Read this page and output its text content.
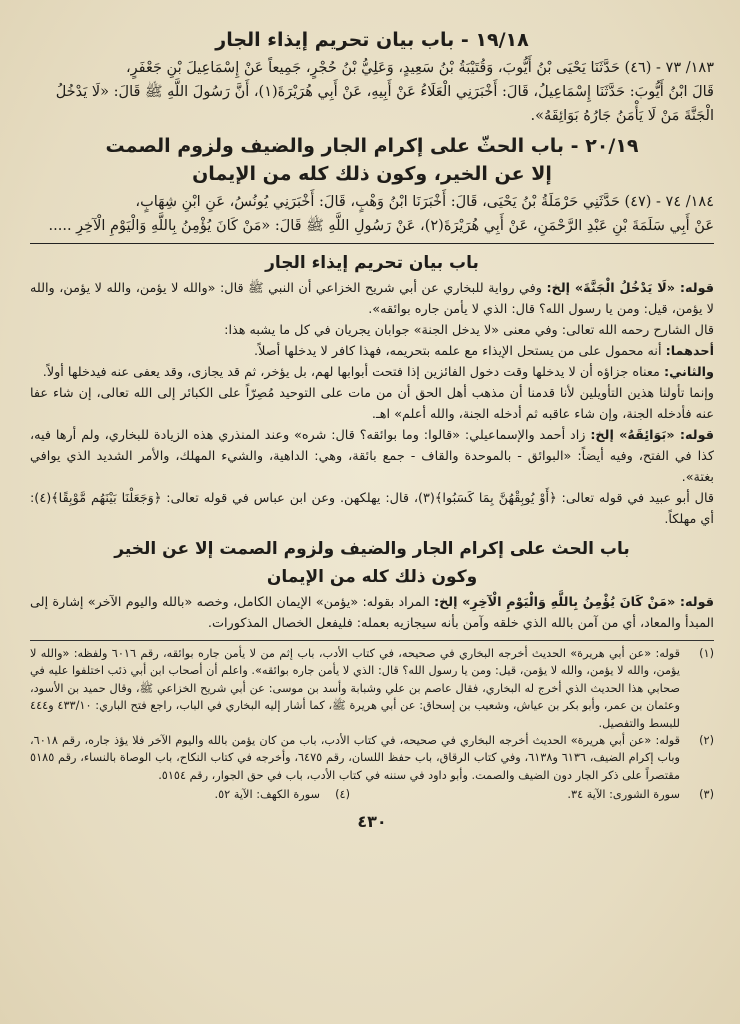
١٩/١٨ - باب بيان تحريم إيذاء الجار

١٨٣/ ٧٣ - (٤٦) حَدَّثَنَا يَحْيَى بْنُ أَيُّوبَ، وَقُتَيْبَةُ بْنُ سَعِيدٍ، وَعَلِيُّ بْنُ حُجْرٍ، جَمِيعاً عَنْ إِسْمَاعِيلَ بْنِ جَعْفَرٍ،

قَالَ ابْنُ أَيُّوبَ: حَدَّثَنَا إِسْمَاعِيلُ، قَالَ: أَخْبَرَنِي الْعَلَاءُ عَنْ أَبِيهِ، عَنْ أَبِي هُرَيْرَةَ(١)، أَنَّ رَسُولَ اللَّهِ ﷺ قَالَ: «لَا يَدْخُلُ

الْجَنَّةَ مَنْ لَا يَأْمَنُ جَارُهُ بَوَائِقَهُ».

٢٠/١٩ - باب الحثّ على إكرام الجار والضيف ولزوم الصمت

إلا عن الخير، وكون ذلك كله من الإيمان

١٨٤/ ٧٤ - (٤٧) حَدَّثَنِي حَرْمَلَةُ بْنُ يَحْيَى، قَالَ: أَخْبَرَنَا ابْنُ وَهْبٍ، قَالَ: أَخْبَرَنِي يُونُسُ، عَنِ ابْنِ شِهَابٍ،

عَنْ أَبِي سَلَمَةَ بْنِ عَبْدِ الرَّحْمَنِ، عَنْ أَبِي هُرَيْرَةَ(٢)، عَنْ رَسُولِ اللَّهِ ﷺ قَالَ: «مَنْ كَانَ يُؤْمِنُ بِاللَّهِ وَالْيَوْمِ الْآخِرِ .....

باب بيان تحريم إيذاء الجار

قوله: «لَا يَدْخُلُ الْجَنَّةَ» إلخ: وفي رواية للبخاري عن أبي شريح الخزاعي أن النبي ﷺ قال: «والله لا يؤمن، والله لا يؤمن، والله لا يؤمن، قيل: ومن يا رسول الله؟ قال: الذي لا يأمن جاره بوائقه».

قال الشارح رحمه الله تعالى: وفي معنى «لا يدخل الجنة» جوابان يجريان في كل ما يشبه هذا:

أحدهما: أنه محمول على من يستحل الإيذاء مع علمه بتحريمه، فهذا كافر لا يدخلها أصلاً.

والثاني: معناه جزاؤه أن لا يدخلها وقت دخول الفائزين إذا فتحت أبوابها لهم، بل يؤخر، ثم قد يجازى، وقد يعفى عنه فيدخلها أولاً.

وإنما تأولنا هذين التأويلين لأنا قدمنا أن مذهب أهل الحق أن من مات على التوحيد مُصِرّاً على الكبائر إلى الله تعالى، إن شاء عفا عنه فأدخله الجنة، وإن شاء عاقبه ثم أدخله الجنة، والله أعلم» اهـ.

قوله: «بَوَائِقَهُ» إلخ: زاد أحمد والإسماعيلي: «قالوا: وما بوائقه؟ قال: شره» وعند المنذري هذه الزيادة للبخاري، ولم أرها فيه، كذا في الفتح، وفيه أيضاً: «البوائق - بالموحدة والقاف - جمع بائقة، وهي: الداهية، والشيء المهلك، والأمر الشديد الذي يوافي بغتة».

قال أبو عبيد في قوله تعالى: ﴿أَوْ يُوبِقْهُنَّ بِمَا كَسَبُوا﴾(٣)، قال: يهلكهن. وعن ابن عباس في قوله تعالى: ﴿وَجَعَلْنَا بَيْنَهُم مَّوْبِقًا﴾(٤): أي مهلكاً.

باب الحث على إكرام الجار والضيف ولزوم الصمت إلا عن الخير

وكون ذلك كله من الإيمان

قوله: «مَنْ كَانَ يُؤْمِنُ بِاللَّهِ وَالْيَوْمِ الْآخِرِ» إلخ: المراد بقوله: «يؤمن» الإيمان الكامل، وخصه «بالله واليوم الآخر» إشارة إلى المبدأ والمعاد، أي من آمن بالله الذي خلقه وآمن بأنه سيجازيه بعمله: فليفعل الخصال المذكورات.

(١)
قوله: «عن أبي هريرة» الحديث أخرجه البخاري في صحيحه، في كتاب الأدب، باب إثم من لا يأمن جاره بوائقه، رقم ٦٠١٦ ولفظه: «والله لا يؤمن، والله لا يؤمن، والله لا يؤمن، قيل: ومن يا رسول الله؟ قال: الذي لا يأمن جاره بوائقه». واعلم أن أصحاب ابن أبي ذئب اختلفوا عليه في صحابي هذا الحديث الذي أخرج له البخاري، فقال عاصم بن علي وشبابة وأسد بن موسى: عن أبي شريح الخزاعي ﷺ، وقال حميد بن الأسود، وعثمان بن عمر، وأبو بكر بن عياش، وشعيب بن إسحاق: عن أبي هريرة ﷺ، كما أشار إليه البخاري في الباب، راجع فتح الباري: ٤٣٣/١٠ و٤٤٤ للبسط والتفصيل.
(٢)
قوله: «عن أبي هريرة» الحديث أخرجه البخاري في صحيحه، في كتاب الأدب، باب من كان يؤمن بالله واليوم الآخر فلا يؤذ جاره، رقم ٦٠١٨، وباب إكرام الضيف، ٦١٣٦ و٦١٣٨، وفي كتاب الرقاق، باب حفظ اللسان، رقم ٦٤٧٥، وأخرجه في كتاب النكاح، باب الوصاة بالنساء، رقم ٥١٨٥ مقتصراً على ذكر الجار دون الضيف والصمت. وأبو داود في سننه في كتاب الأدب، باب في حق الجوار، رقم ٥١٥٤.
(٣)
سورة الشورى: الآية ٣٤.
(٤)
سورة الكهف: الآية ٥٢.
٤٣٠
